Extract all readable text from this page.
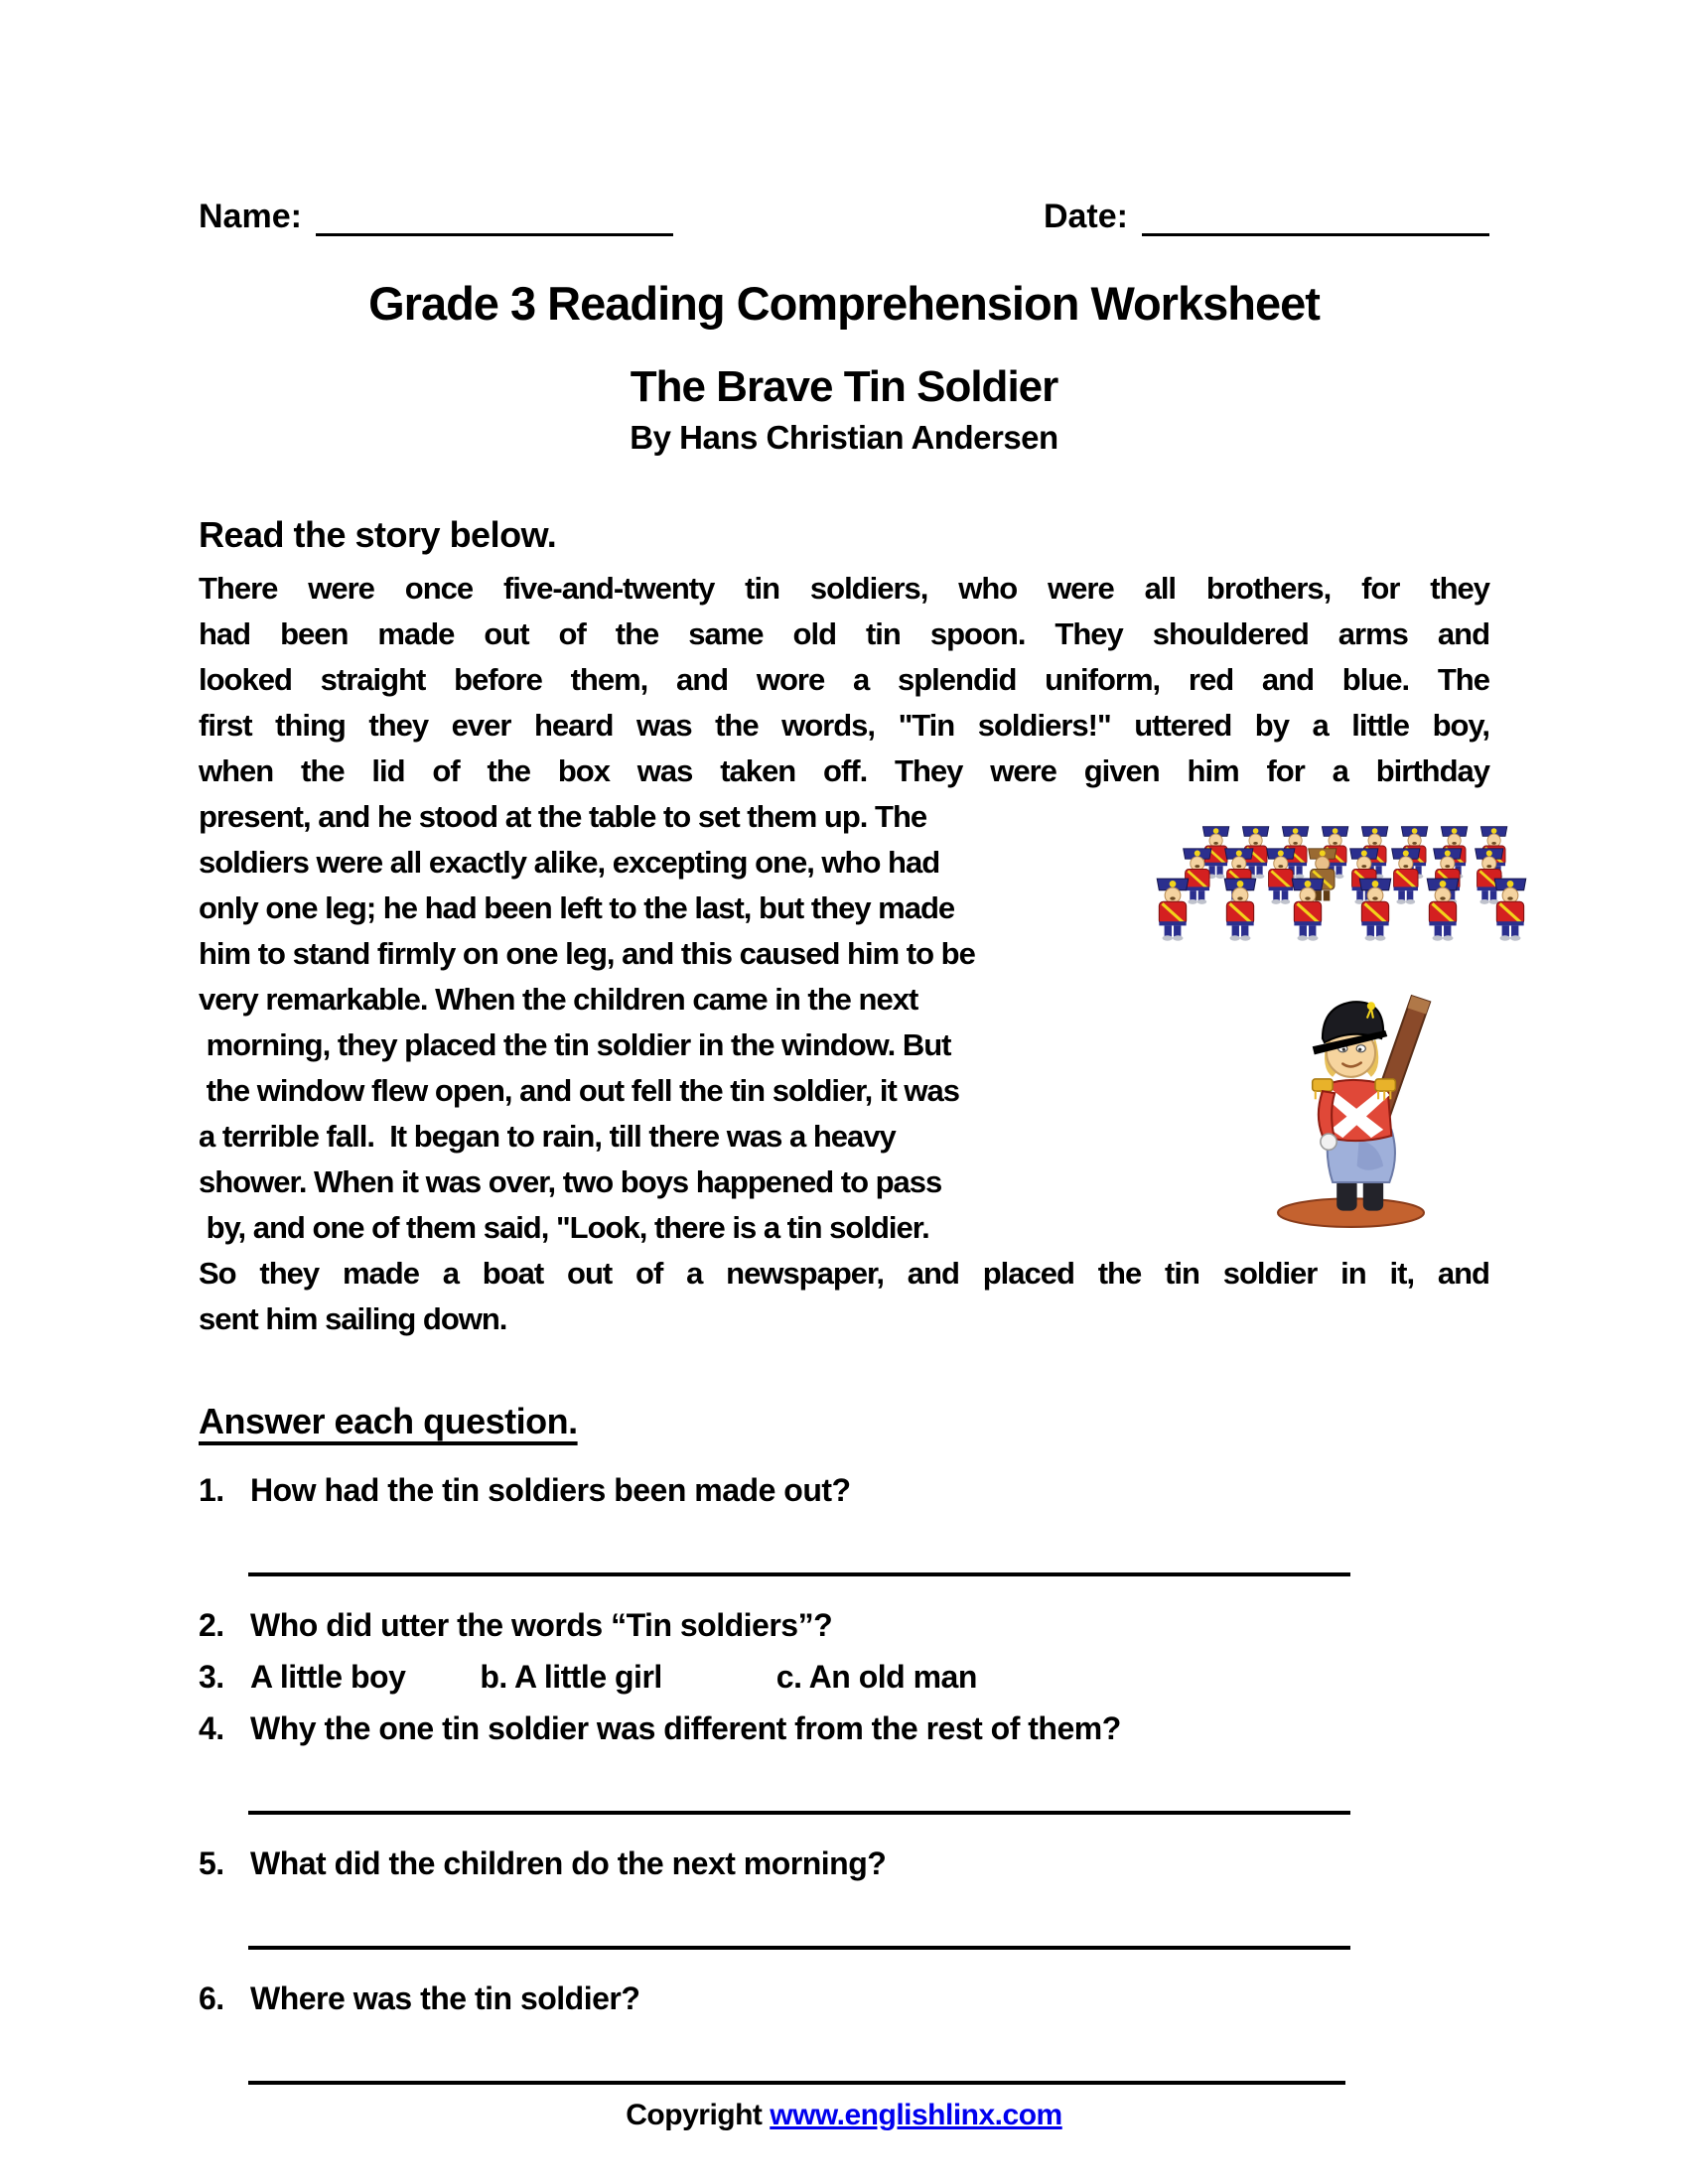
Name:	Date:
Grade 3 Reading Comprehension Worksheet
The Brave Tin Soldier
By Hans Christian Andersen
Read the story below.
There were once five-and-twenty tin soldiers, who were all brothers, for they
had been made out of the same old tin spoon. They shouldered arms and
looked straight before them, and wore a splendid uniform, red and blue. The
first thing they ever heard was the words, "Tin soldiers!" uttered by a little boy,
when the lid of the box was taken off. They were given him for a birthday
present, and he stood at the table to set them up. The
soldiers were all exactly alike, excepting one, who had
only one leg; he had been left to the last, but they made
him to stand firmly on one leg, and this caused him to be
very remarkable. When the children came in the next
morning, they placed the tin soldier in the window. But
the window flew open, and out fell the tin soldier, it was
a terrible fall.  It began to rain, till there was a heavy
shower. When it was over, two boys happened to pass
by, and one of them said, "Look, there is a tin soldier.
So they made a boat out of a newspaper, and placed the tin soldier in it, and
sent him sailing down.
Answer each question.
1. How had the tin soldiers been made out?
2. Who did utter the words “Tin soldiers”?
3. A little boy b. A little girl	c. An old man
4. Why the one tin soldier was different from the rest of them?
5. What did the children do the next morning?
6. Where was the tin soldier?
Copyright www.englishlinx.com
